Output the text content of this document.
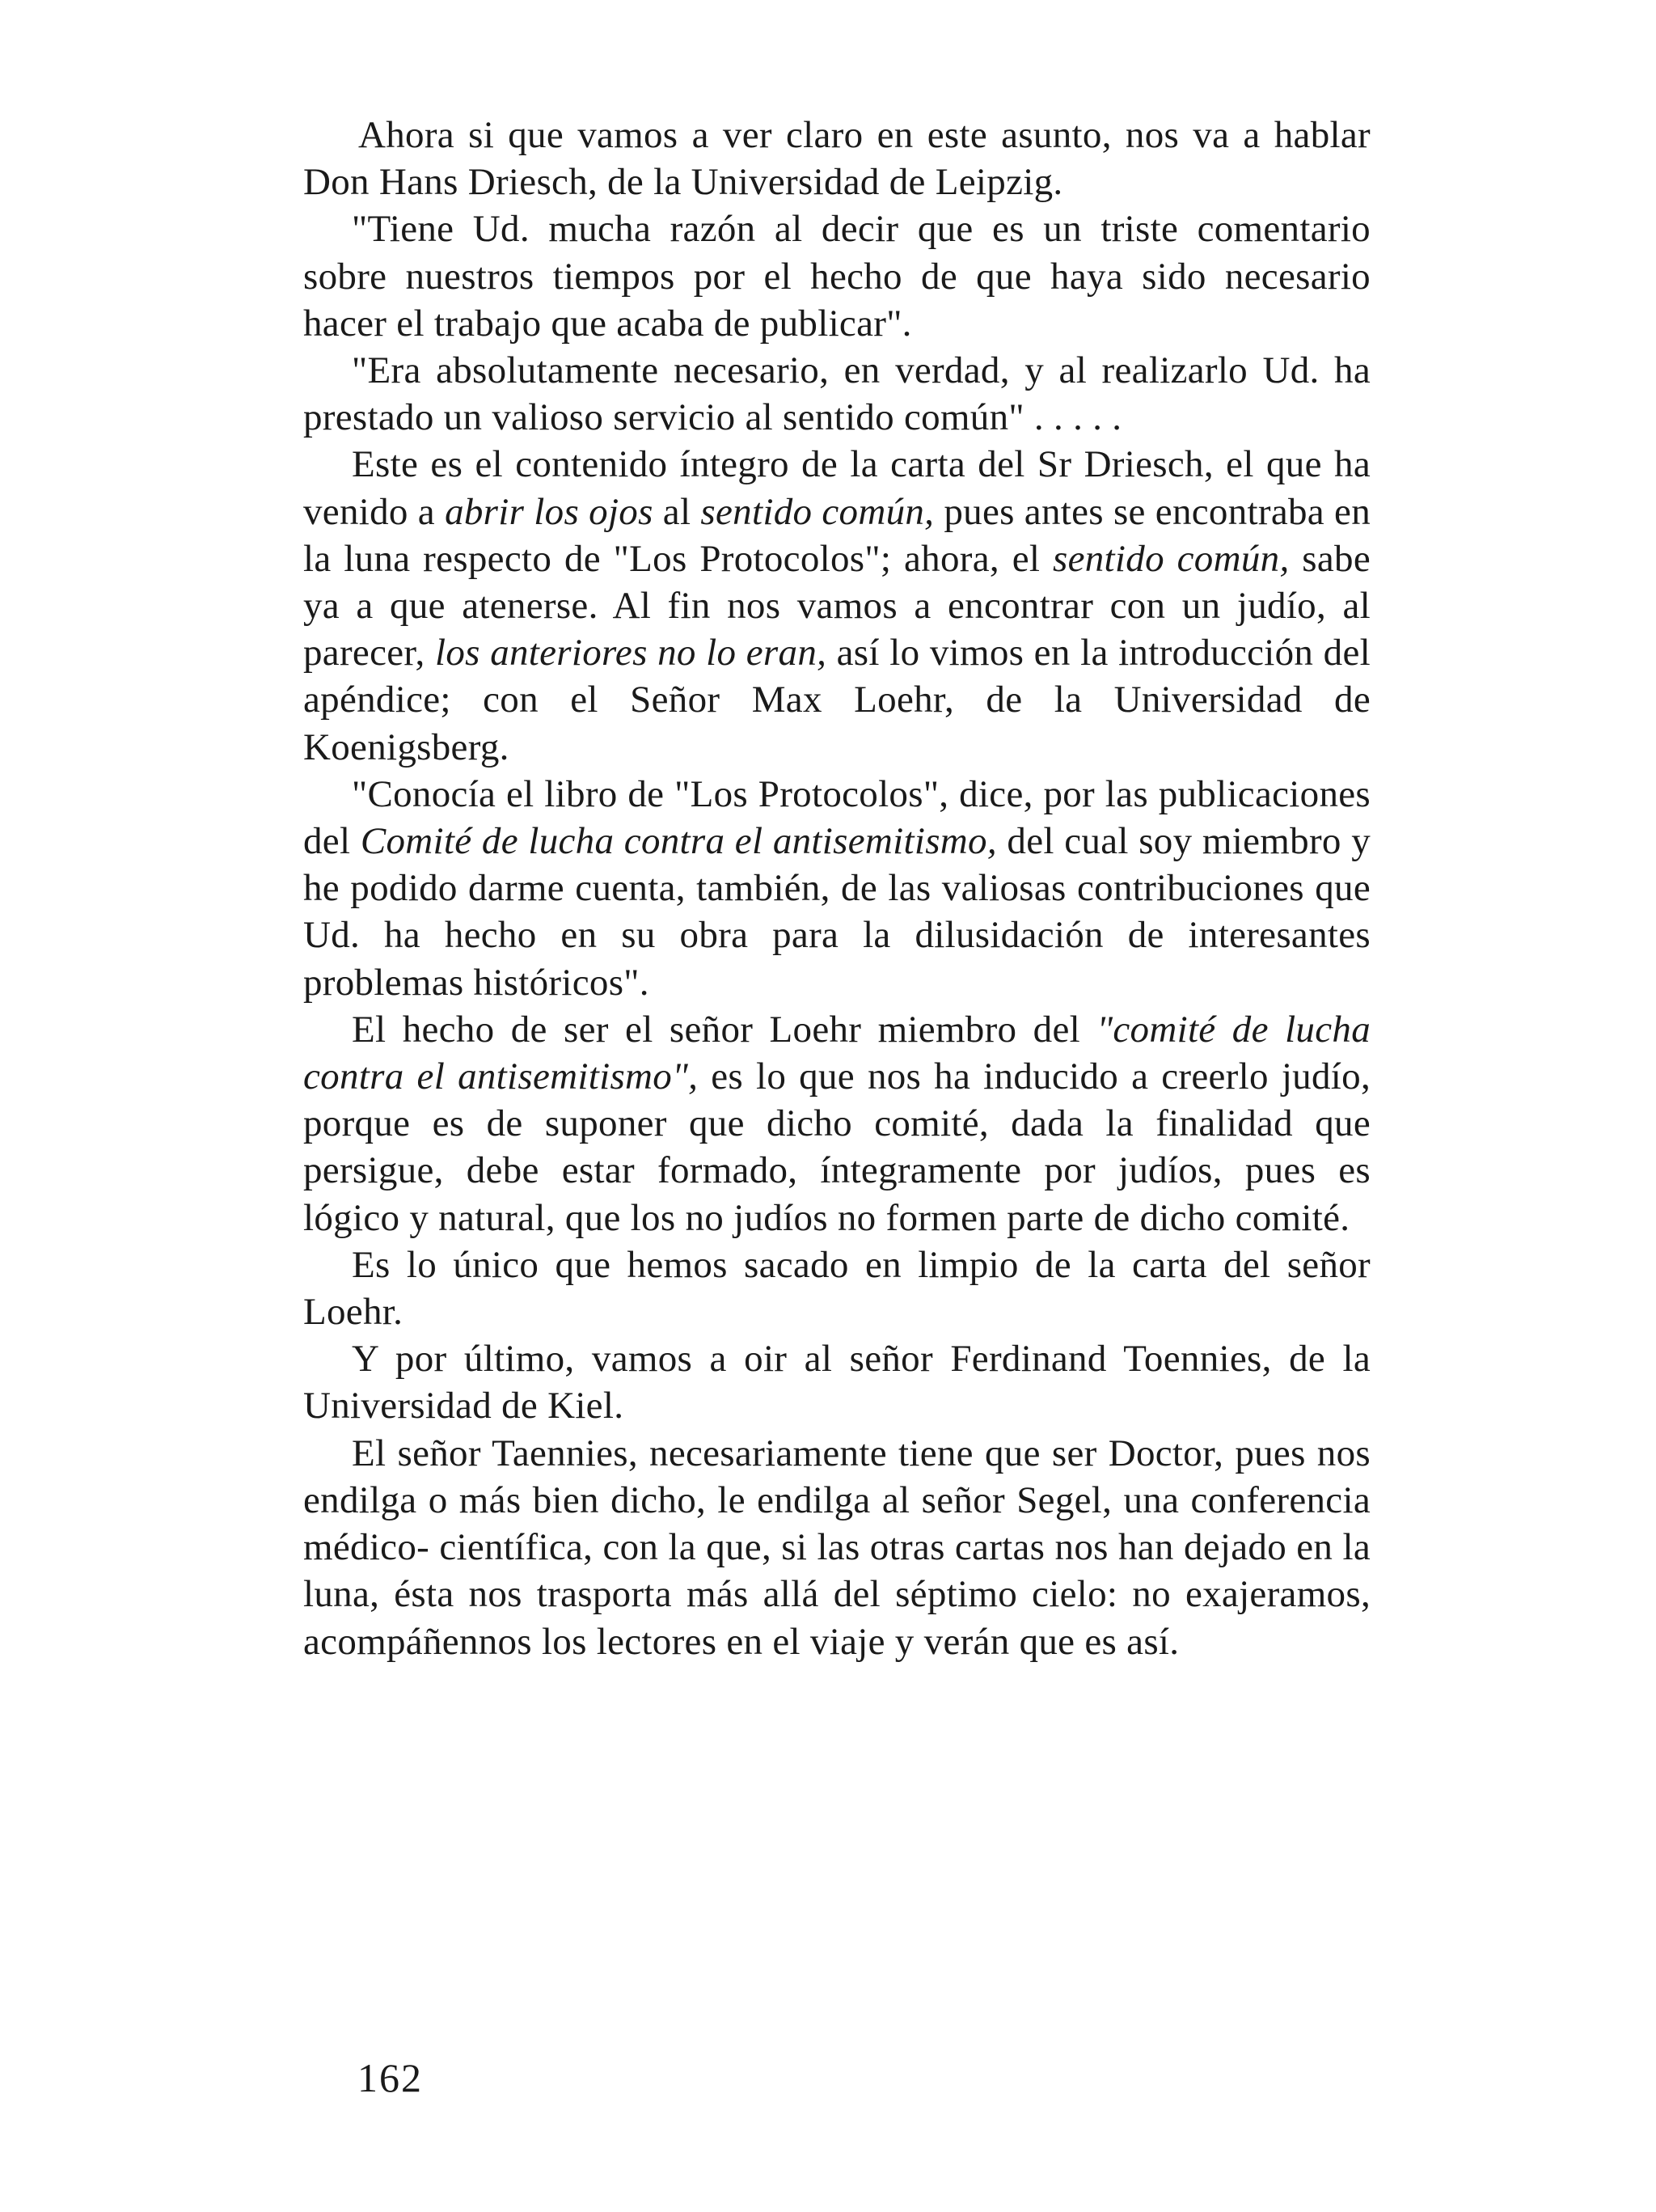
Ahora si que vamos a ver claro en este asunto, nos va a hablar Don Hans Driesch, de la Universidad de Leipzig.

"Tiene Ud. mucha razón al decir que es un triste comentario sobre nuestros tiempos por el hecho de que haya sido necesario hacer el trabajo que acaba de publicar".

"Era absolutamente necesario, en verdad, y al realizarlo Ud. ha prestado un valioso servicio al sentido común" . . . . .

Este es el contenido íntegro de la carta del Sr Driesch, el que ha venido a abrir los ojos al sentido común, pues antes se encontraba en la luna respecto de "Los Protocolos"; ahora, el sentido común, sabe ya a que atenerse. Al fin nos vamos a encontrar con un judío, al parecer, los anteriores no lo eran, así lo vimos en la introducción del apéndice; con el Señor Max Loehr, de la Universidad de Koenigsberg.

"Conocía el libro de "Los Protocolos", dice, por las publicaciones del Comité de lucha contra el antisemitismo, del cual soy miembro y he podido darme cuenta, también, de las valiosas contribuciones que Ud. ha hecho en su obra para la dilusidación de interesantes problemas históricos".

El hecho de ser el señor Loehr miembro del "comité de lucha contra el antisemitismo", es lo que nos ha inducido a creerlo judío, porque es de suponer que dicho comité, dada la finalidad que persigue, debe estar formado, íntegramente por judíos, pues es lógico y natural, que los no judíos no formen parte de dicho comité.

Es lo único que hemos sacado en limpio de la carta del señor Loehr.

Y por último, vamos a oir al señor Ferdinand Toennies, de la Universidad de Kiel.

El señor Taennies, necesariamente tiene que ser Doctor, pues nos endilga o más bien dicho, le endilga al señor Segel, una conferencia médico- científica, con la que, si las otras cartas nos han dejado en la luna, ésta nos trasporta más allá del séptimo cielo: no exajeramos, acompáñennos los lectores en el viaje y verán que es así.

162
